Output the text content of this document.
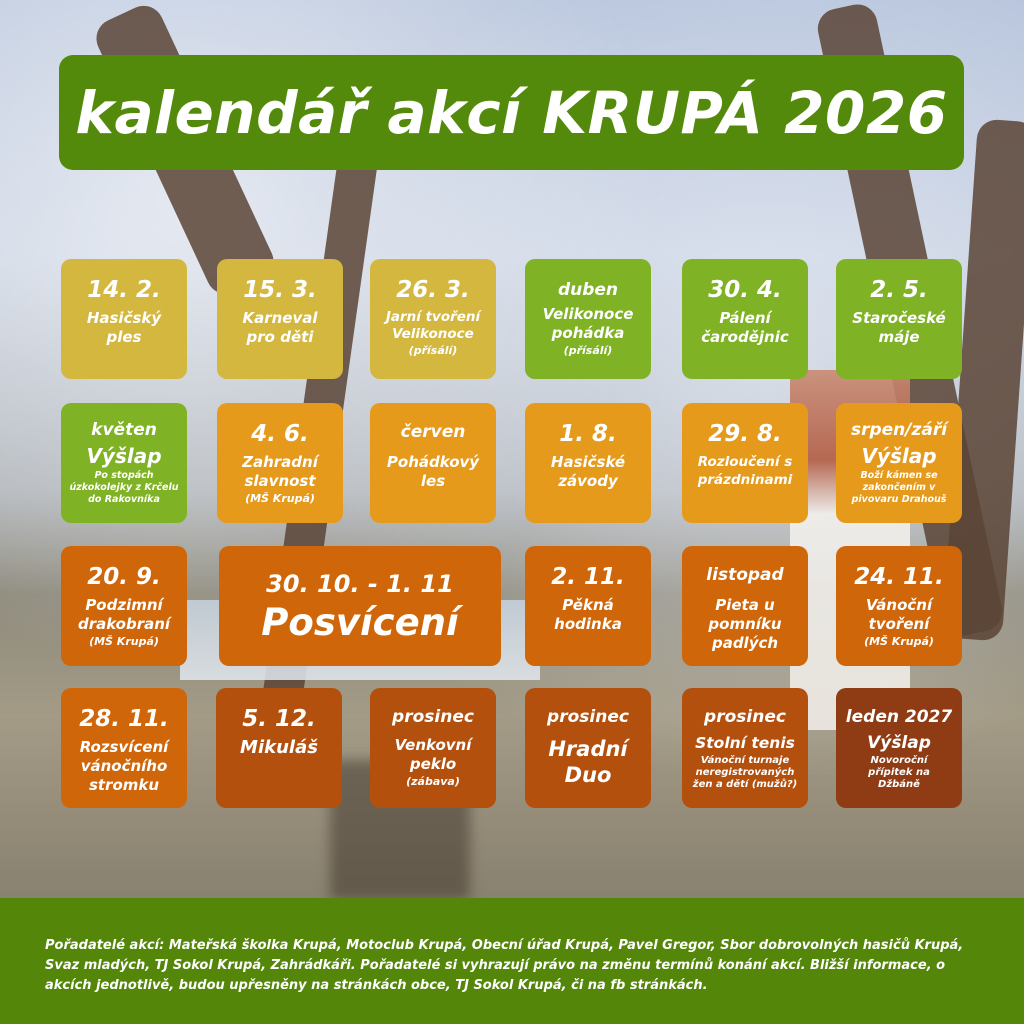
kalendář akcí KRUPÁ 2026
14. 2.
Hasičský ples
15. 3.
Karneval pro děti
26. 3.
Jarní tvoření Velikonoce
(přísálí)
duben
Velikonoce pohádka
(přísálí)
30. 4.
Pálení čarodějnic
2. 5.
Staročeské máje
květen
Výšlap
Po stopách úzkokolejky z Krčelu do Rakovníka
4. 6.
Zahradní slavnost
(MŠ Krupá)
červen
Pohádkový les
1. 8.
Hasičské závody
29. 8.
Rozloučení s prázdninami
srpen/září
Výšlap
Boží kámen se zakončením v pivovaru Drahouš
20. 9.
Podzimní drakobraní
(MŠ Krupá)
30. 10. - 1. 11
Posvícení
2. 11.
Pěkná hodinka
listopad
Pieta u pomníku padlých
24. 11.
Vánoční tvoření
(MŠ Krupá)
28. 11.
Rozsvícení vánočního stromku
5. 12.
Mikuláš
prosinec
Venkovní peklo
(zábava)
prosinec
Hradní Duo
prosinec
Stolní tenis
Vánoční turnaje neregistrovaných žen a dětí (mužů?)
leden 2027
Výšlap
Novoroční přípitek na Džbáně

Pořadatelé akcí: Mateřská školka Krupá, Motoclub Krupá, Obecní úřad Krupá, Pavel Gregor, Sbor dobrovolných hasičů Krupá, Svaz mladých, TJ Sokol Krupá, Zahrádkáři. Pořadatelé si vyhrazují právo na změnu termínů konání akcí. Bližší informace, o akcích jednotlivě, budou upřesněny na stránkách obce, TJ Sokol Krupá, či na fb stránkách.
